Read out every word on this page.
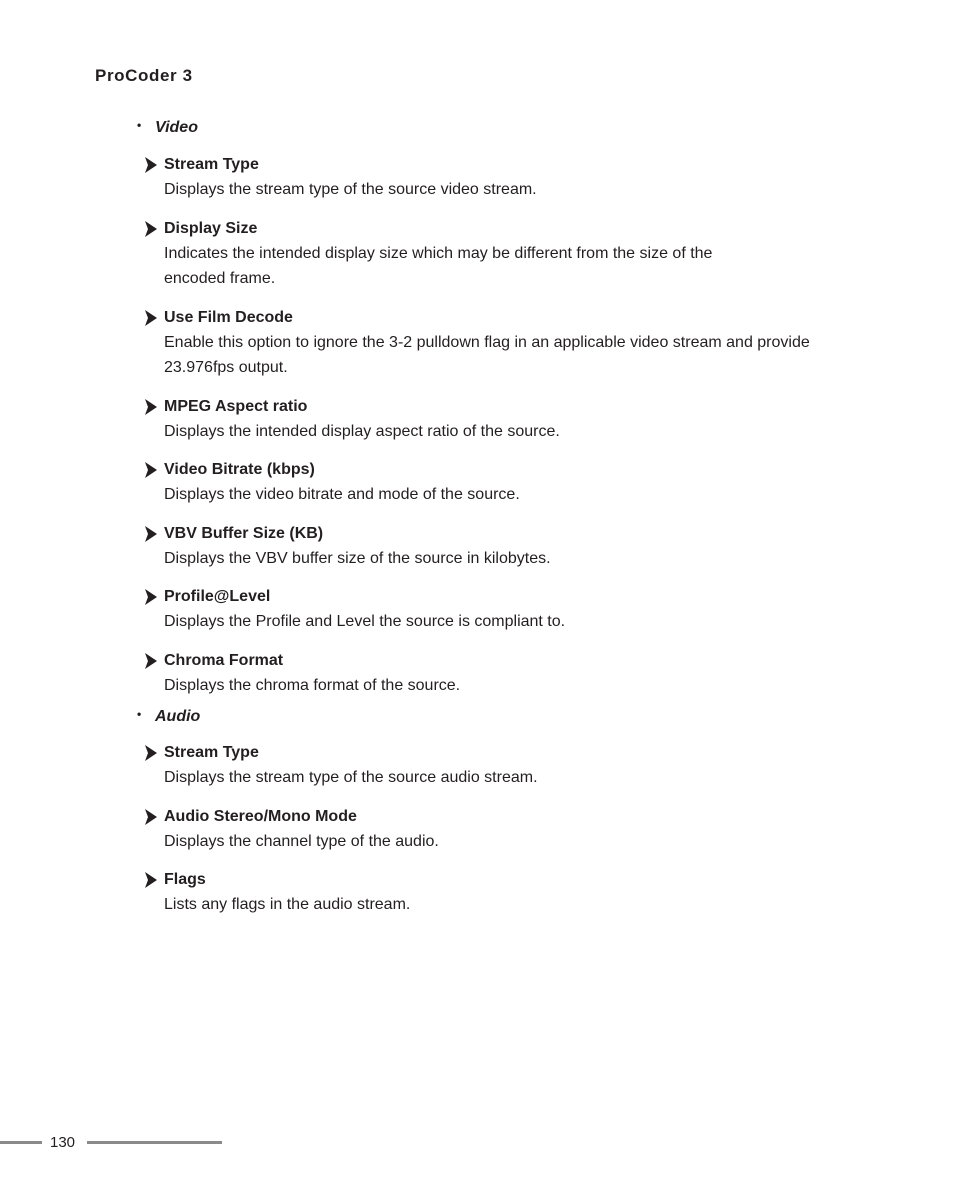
ProCoder 3
• Video
Stream Type
Displays the stream type of the source video stream.
Display Size
Indicates the intended display size which may be different from the size of the encoded frame.
Use Film Decode
Enable this option to ignore the 3-2 pulldown flag in an applicable video stream and provide 23.976fps output.
MPEG Aspect ratio
Displays the intended display aspect ratio of the source.
Video Bitrate (kbps)
Displays the video bitrate and mode of the source.
VBV Buffer Size (KB)
Displays the VBV buffer size of the source in kilobytes.
Profile@Level
Displays the Profile and Level the source is compliant to.
Chroma Format
Displays the chroma format of the source.
• Audio
Stream Type
Displays the stream type of the source audio stream.
Audio Stereo/Mono Mode
Displays the channel type of the audio.
Flags
Lists any flags in the audio stream.
130
